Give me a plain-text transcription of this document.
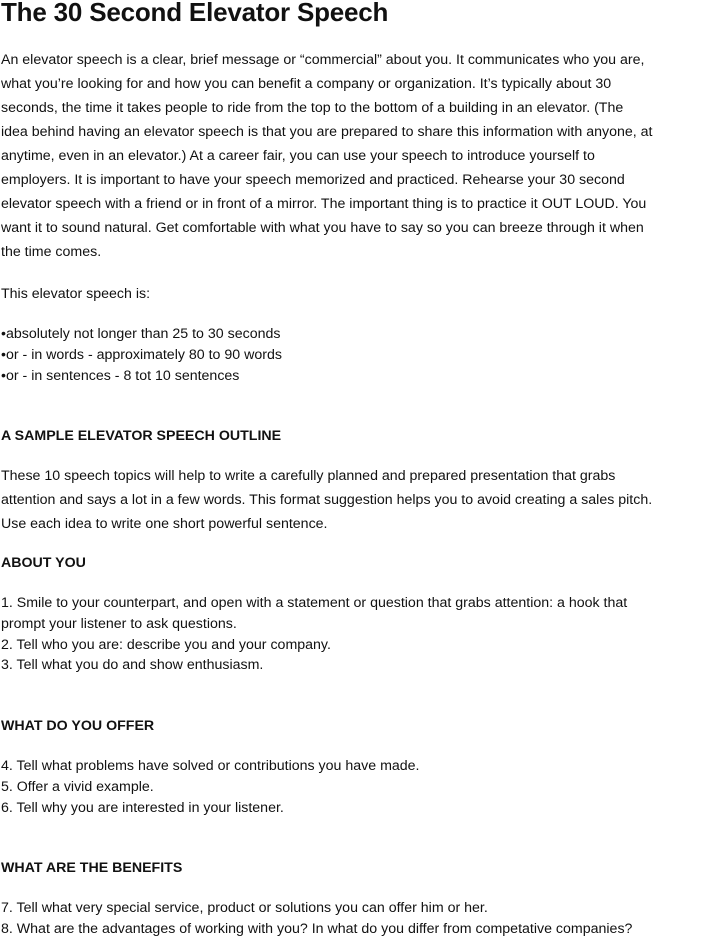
The 30 Second Elevator Speech

An elevator speech is a clear, brief message or “commercial” about you. It communicates who you are,
what you’re looking for and how you can benefit a company or organization. It’s typically about 30
seconds, the time it takes people to ride from the top to the bottom of a building in an elevator. (The
idea behind having an elevator speech is that you are prepared to share this information with anyone, at
anytime, even in an elevator.) At a career fair, you can use your speech to introduce yourself to
employers. It is important to have your speech memorized and practiced. Rehearse your 30 second
elevator speech with a friend or in front of a mirror. The important thing is to practice it OUT LOUD. You
want it to sound natural. Get comfortable with what you have to say so you can breeze through it when
the time comes.

This elevator speech is:

•absolutely not longer than 25 to 30 seconds
•or - in words - approximately 80 to 90 words
•or - in sentences - 8 tot 10 sentences

A SAMPLE ELEVATOR SPEECH OUTLINE

These 10 speech topics will help to write a carefully planned and prepared presentation that grabs
attention and says a lot in a few words. This format suggestion helps you to avoid creating a sales pitch.
Use each idea to write one short powerful sentence.

ABOUT YOU

1. Smile to your counterpart, and open with a statement or question that grabs attention: a hook that
prompt your listener to ask questions.
2. Tell who you are: describe you and your company.
3. Tell what you do and show enthusiasm.

WHAT DO YOU OFFER

4. Tell what problems have solved or contributions you have made.
5. Offer a vivid example.
6. Tell why you are interested in your listener.

WHAT ARE THE BENEFITS

7. Tell what very special service, product or solutions you can offer him or her.
8. What are the advantages of working with you? In what do you differ from competative companies?
